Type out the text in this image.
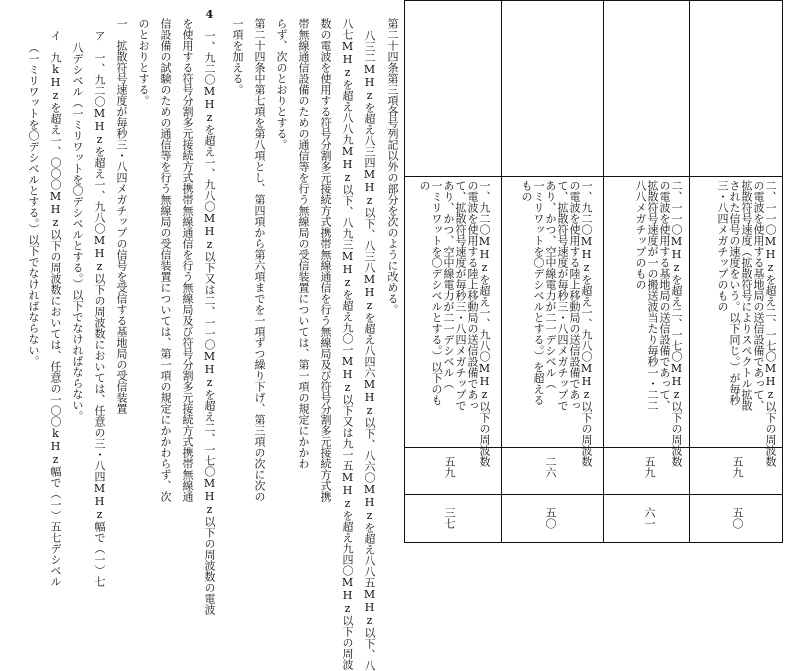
第二十四条第三項各号列記以外の部分を次のように改める。
八三二MHzを超え八三四MHz以下、八三八MHzを超え八四六MHz以下、八六〇MHzを超え八八五MHz以下、八
八七MHzを超え八八九MHz以下、八九三MHzを超え九〇一MHz以下又は九一五MHzを超え九四〇MHz以下の周波
数の電波を使用する符号分割多元接続方式携帯無線通信を行う無線局及び符号分割多元接続方式携
帯無線通信設備のための通信等を行う無線局の受信装置については、第一項の規定にかかわ
らず、次のとおりとする。
第二十四条中第七項を第八項とし、第四項から第六項までを一項ずつ繰り下げ、第三項の次に次の
一項を加える。
4
一、九二〇MHzを超え一、九八〇MHz以下又は二、一一〇MHzを超え二、一七〇MHz以下の周波数の電波
を使用する符号分割多元接続方式携帯無線通信を行う無線局及び符号分割多元接続方式携帯無線通
信設備の試験のための通信等を行う無線局の受信装置については、第一項の規定にかかわらず、次
のとおりとする。
一　拡散符号速度が毎秒三・八四メガチップの信号を受信する基地局の受信装置
ア　一、九二〇MHzを超え一、九八〇MHz以下の周波数においては、任意の三・八四MHz幅で（一）七
八デシベル（一ミリワットを〇デシベルとする。）以下でなければならない。
イ　九kHzを超え一、〇〇〇MHz以下の周波数においては、任意の一〇〇kHz幅で（一）五七デシベル
（一ミリワットを〇デシベルとする。）以下でなければならない。	二、一一〇MHzを超え二、一七〇MHz以下の周波数
の電波を使用する基地局の送信設備であって、
拡散符号速度（拡散符号によりスペクトル拡散
された信号の速度をいう。以下同じ。）が毎秒
三・八四メガチップのもの
五九
五〇
二、一一〇MHzを超え二、一七〇MHz以下の周波数
の電波を使用する基地局の送信設備であって、
拡散符号速度が一の搬送波当たり毎秒一・二二
八八メガチップのもの
五九
六一
一、九二〇MHzを超え一、九八〇MHz以下の周波数
の電波を使用する陸上移動局の送信設備であっ
て、拡散符号速度が毎秒三・八四メガチップで
あり、かつ、空中線電力が二一デシベル（
一ミリワットを〇デシベルとする。）を超える
もの
二六
五〇
一、九二〇MHzを超え一、九八〇MHz以下の周波数
の電波を使用する陸上移動局の送信設備であっ
て、拡散符号速度が毎秒三・八四メガチップで
あり、かつ、空中線電力が二一デシベル（
一ミリワットを〇デシベルとする。）以下のも
の
五九
三七
